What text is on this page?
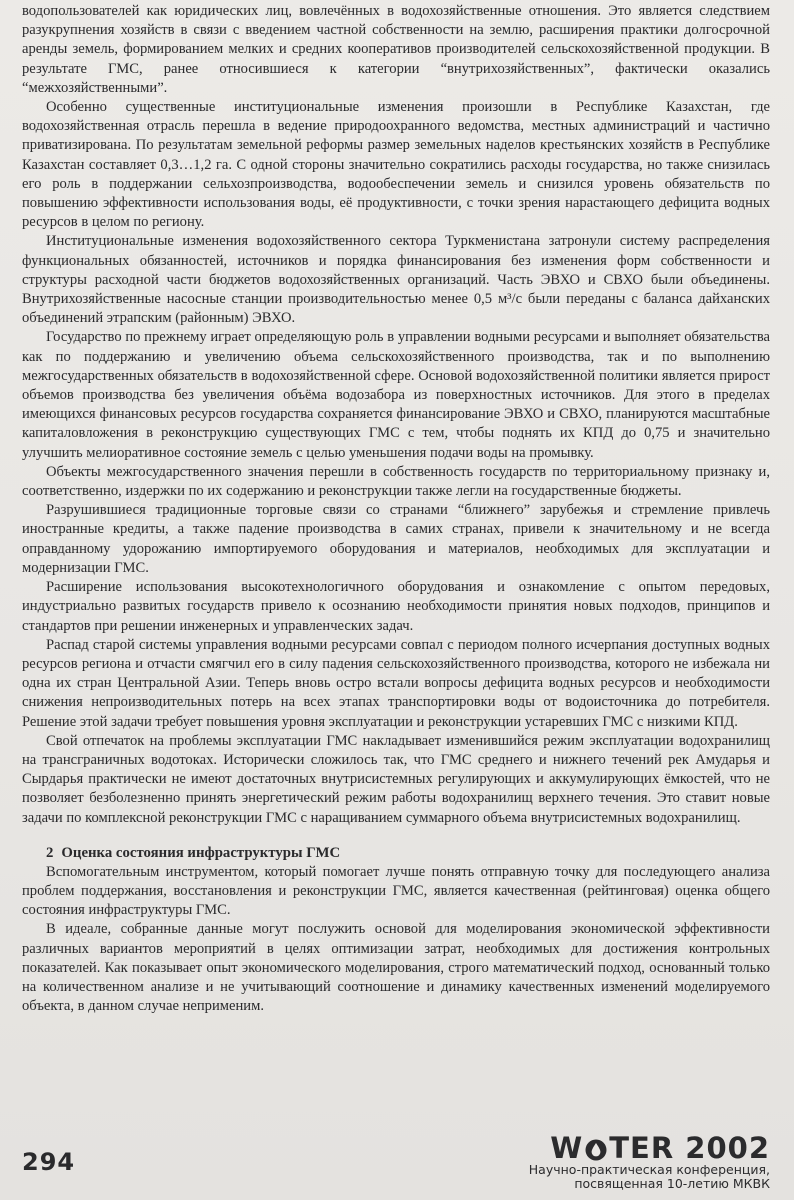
водопользователей как юридических лиц, вовлечённых в водохозяйственные отношения. Это является следствием разукрупнения хозяйств в связи с введением частной собственности на землю, расширения практики долгосрочной аренды земель, формированием мелких и средних кооперативов производителей сельскохозяйственной продукции. В результате ГМС, ранее относившиеся к категории “внутрихозяйственных”, фактически оказались “межхозяйственными”.

Особенно существенные институциональные изменения произошли в Республике Казахстан, где водохозяйственная отрасль перешла в ведение природоохранного ведомства, местных администраций и частично приватизирована. По результатам земельной реформы размер земельных наделов крестьянских хозяйств в Республике Казахстан составляет 0,3…1,2 га. С одной стороны значительно сократились расходы государства, но также снизилась его роль в поддержании сельхозпроизводства, водообеспечении земель и снизился уровень обязательств по повышению эффективности использования воды, её продуктивности, с точки зрения нарастающего дефицита водных ресурсов в целом по региону.

Институциональные изменения водохозяйственного сектора Туркменистана затронули систему распределения функциональных обязанностей, источников и порядка финансирования без изменения форм собственности и структуры расходной части бюджетов водохозяйственных организаций. Часть ЭВХО и СВХО были объединены. Внутрихозяйственные насосные станции производительностью менее 0,5 м³/с были переданы с баланса дайханских объединений этрапским (районным) ЭВХО.

Государство по прежнему играет определяющую роль в управлении водными ресурсами и выполняет обязательства как по поддержанию и увеличению объема сельскохозяйственного производства, так и по выполнению межгосударственных обязательств в водохозяйственной сфере. Основой водохозяйственной политики является прирост объемов производства без увеличения объёма водозабора из поверхностных источников. Для этого в пределах имеющихся финансовых ресурсов государства сохраняется финансирование ЭВХО и СВХО, планируются масштабные капиталовложения в реконструкцию существующих ГМС с тем, чтобы поднять их КПД до 0,75 и значительно улучшить мелиоративное состояние земель с целью уменьшения подачи воды на промывку.

Объекты межгосударственного значения перешли в собственность государств по территориальному признаку и, соответственно, издержки по их содержанию и реконструкции также легли на государственные бюджеты.

Разрушившиеся традиционные торговые связи со странами “ближнего” зарубежья и стремление привлечь иностранные кредиты, а также падение производства в самих странах, привели к значительному и не всегда оправданному удорожанию импортируемого оборудования и материалов, необходимых для эксплуатации и модернизации ГМС.

Расширение использования высокотехнологичного оборудования и ознакомление с опытом передовых, индустриально развитых государств привело к осознанию необходимости принятия новых подходов, принципов и стандартов при решении инженерных и управленческих задач.

Распад старой системы управления водными ресурсами совпал с периодом полного исчерпания доступных водных ресурсов региона и отчасти смягчил его в силу падения сельскохозяйственного производства, которого не избежала ни одна их стран Центральной Азии. Теперь вновь остро встали вопросы дефицита водных ресурсов и необходимости снижения непроизводительных потерь на всех этапах транспортировки воды от водоисточника до потребителя. Решение этой задачи требует повышения уровня эксплуатации и реконструкции устаревших ГМС с низкими КПД.

Свой отпечаток на проблемы эксплуатации ГМС накладывает изменившийся режим эксплуатации водохранилищ на трансграничных водотоках. Исторически сложилось так, что ГМС среднего и нижнего течений рек Амударья и Сырдарья практически не имеют достаточных внутрисистемных регулирующих и аккумулирующих ёмкостей, что не позволяет безболезненно принять энергетический режим работы водохранилищ верхнего течения. Это ставит новые задачи по комплексной реконструкции ГМС с наращиванием суммарного объема внутрисистемных водохранилищ.

2 Оценка состояния инфраструктуры ГМС

Вспомогательным инструментом, который помогает лучше понять отправную точку для последующего анализа проблем поддержания, восстановления и реконструкции ГМС, является качественная (рейтинговая) оценка общего состояния инфраструктуры ГМС.

В идеале, собранные данные могут послужить основой для моделирования экономической эффективности различных вариантов мероприятий в целях оптимизации затрат, необходимых для достижения контрольных показателей. Как показывает опыт экономического моделирования, строго математический подход, основанный только на количественном анализе и не учитывающий соотношение и динамику качественных изменений моделируемого объекта, в данном случае неприменим.

294	W TER 2002
Научно-практическая конференция,
посвященная 10-летию МКВК
